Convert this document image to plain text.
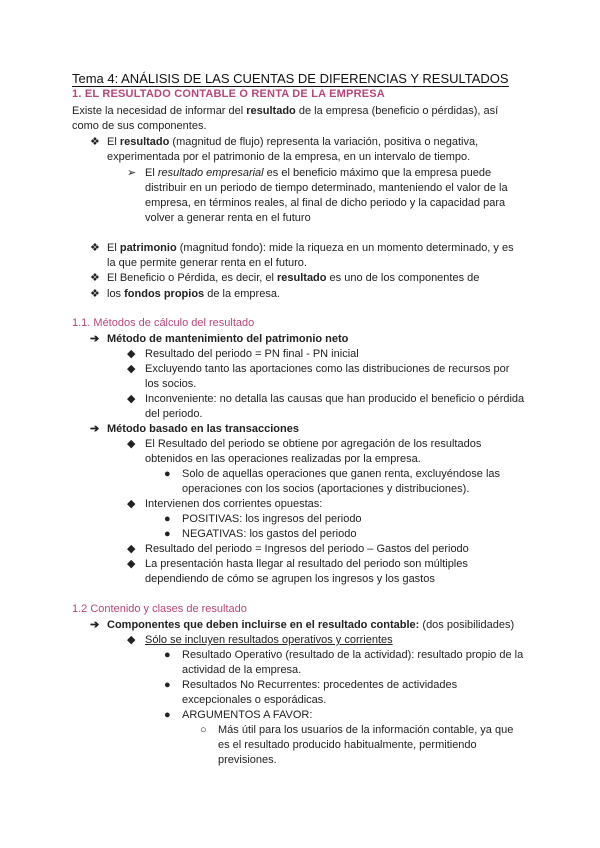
Tema 4: ANÁLISIS DE LAS CUENTAS DE DIFERENCIAS Y RESULTADOS
1. EL RESULTADO CONTABLE O RENTA DE LA EMPRESA
Existe la necesidad de informar del resultado de la empresa (beneficio o pérdidas), así
como de sus componentes.
❖ El resultado (magnitud de flujo) representa la variación, positiva o negativa,
experimentada por el patrimonio de la empresa, en un intervalo de tiempo.
➢ El resultado empresarial es el beneficio máximo que la empresa puede
distribuir en un periodo de tiempo determinado, manteniendo el valor de la
empresa, en términos reales, al final de dicho periodo y la capacidad para
volver a generar renta en el futuro
❖ El patrimonio (magnitud fondo): mide la riqueza en un momento determinado, y es
la que permite generar renta en el futuro.
❖ El Beneficio o Pérdida, es decir, el resultado es uno de los componentes de
❖ los fondos propios de la empresa.
1.1. Métodos de cálculo del resultado
➔ Método de mantenimiento del patrimonio neto
◆ Resultado del periodo = PN final - PN inicial
◆ Excluyendo tanto las aportaciones como las distribuciones de recursos por
los socios.
◆ Inconveniente: no detalla las causas que han producido el beneficio o pérdida
del periodo.
➔ Método basado en las transacciones
◆ El Resultado del periodo se obtiene por agregación de los resultados
obtenidos en las operaciones realizadas por la empresa.
● Solo de aquellas operaciones que ganen renta, excluyéndose las
operaciones con los socios (aportaciones y distribuciones).
◆ Intervienen dos corrientes opuestas:
● POSITIVAS: los ingresos del periodo
● NEGATIVAS: los gastos del periodo
◆ Resultado del periodo = Ingresos del periodo – Gastos del periodo
◆ La presentación hasta llegar al resultado del periodo son múltiples
dependiendo de cómo se agrupen los ingresos y los gastos
1.2 Contenido y clases de resultado
➔ Componentes que deben incluirse en el resultado contable: (dos posibilidades)
◆ Sólo se incluyen resultados operativos y corrientes
● Resultado Operativo (resultado de la actividad): resultado propio de la
actividad de la empresa.
● Resultados No Recurrentes: procedentes de actividades
excepcionales o esporádicas.
● ARGUMENTOS A FAVOR:
○ Más útil para los usuarios de la información contable, ya que
es el resultado producido habitualmente, permitiendo
previsiones.
